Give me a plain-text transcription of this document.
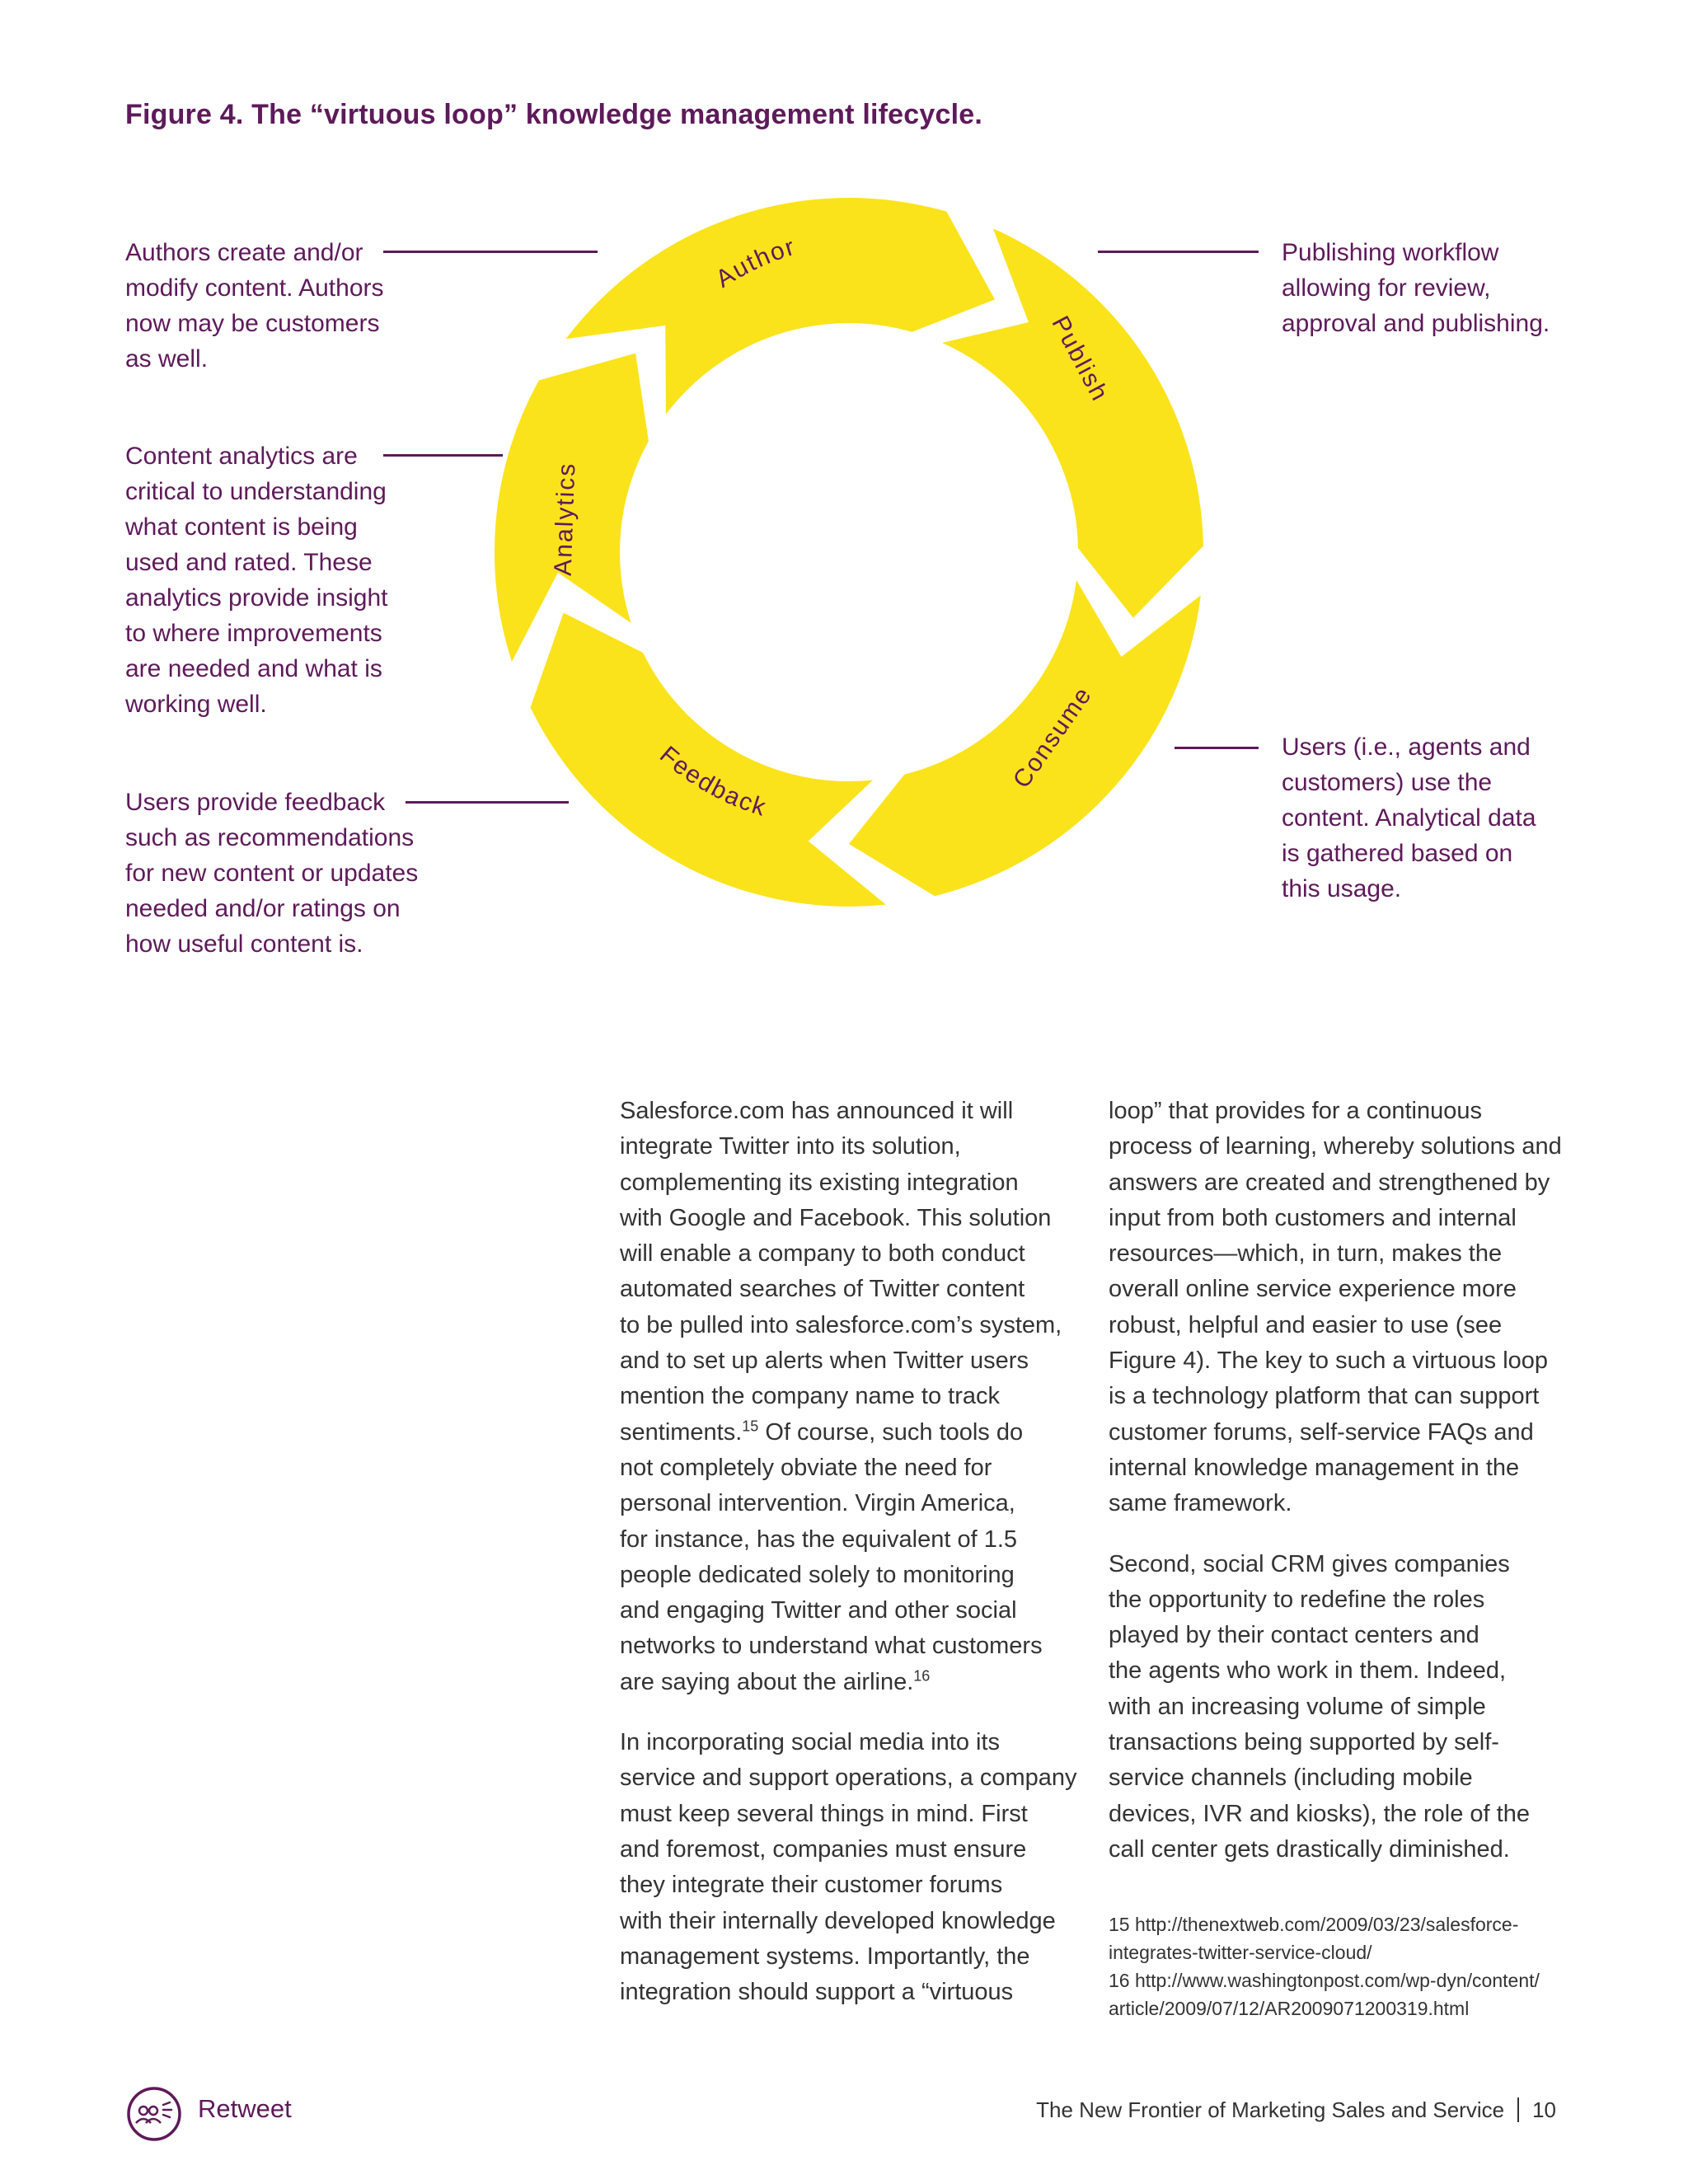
Figure 4. The “virtuous loop” knowledge management lifecycle.
Author
Publish
Consume
Feedback
Analytics
Authors create and/or
modify content. Authors
now may be customers
as well.
Content analytics are
critical to understanding
what content is being
used and rated. These
analytics provide insight
to where improvements
are needed and what is
working well.
Users provide feedback
such as recommendations
for new content or updates
needed and/or ratings on
how useful content is.
Publishing workflow
allowing for review,
approval and publishing.
Users (i.e., agents and
customers) use the
content. Analytical data
is gathered based on
this usage.

Salesforce.com has announced it will
integrate Twitter into its solution,
complementing its existing integration
with Google and Facebook. This solution
will enable a company to both conduct
automated searches of Twitter content
to be pulled into salesforce.com’s system,
and to set up alerts when Twitter users
mention the company name to track
sentiments.$^{15}$ Of course, such tools do
not completely obviate the need for
personal intervention. Virgin America,
for instance, has the equivalent of 1.5
people dedicated solely to monitoring
and engaging Twitter and other social
networks to understand what customers
are saying about the airline.$^{16}$

In incorporating social media into its
service and support operations, a company
must keep several things in mind. First
and foremost, companies must ensure
they integrate their customer forums
with their internally developed knowledge
management systems. Importantly, the
integration should support a “virtuous

loop” that provides for a continuous
process of learning, whereby solutions and
answers are created and strengthened by
input from both customers and internal
resources—which, in turn, makes the
overall online service experience more
robust, helpful and easier to use (see
Figure 4). The key to such a virtuous loop
is a technology platform that can support
customer forums, self-service FAQs and
internal knowledge management in the
same framework.

Second, social CRM gives companies
the opportunity to redefine the roles
played by their contact centers and
the agents who work in them. Indeed,
with an increasing volume of simple
transactions being supported by self-
service channels (including mobile
devices, IVR and kiosks), the role of the
call center gets drastically diminished.

15 http://thenextweb.com/2009/03/23/salesforce-
integrates-twitter-service-cloud/
16 http://www.washingtonpost.com/wp-dyn/content/
article/2009/07/12/AR2009071200319.html
Retweet	The New Frontier of Marketing Sales and Service 10
